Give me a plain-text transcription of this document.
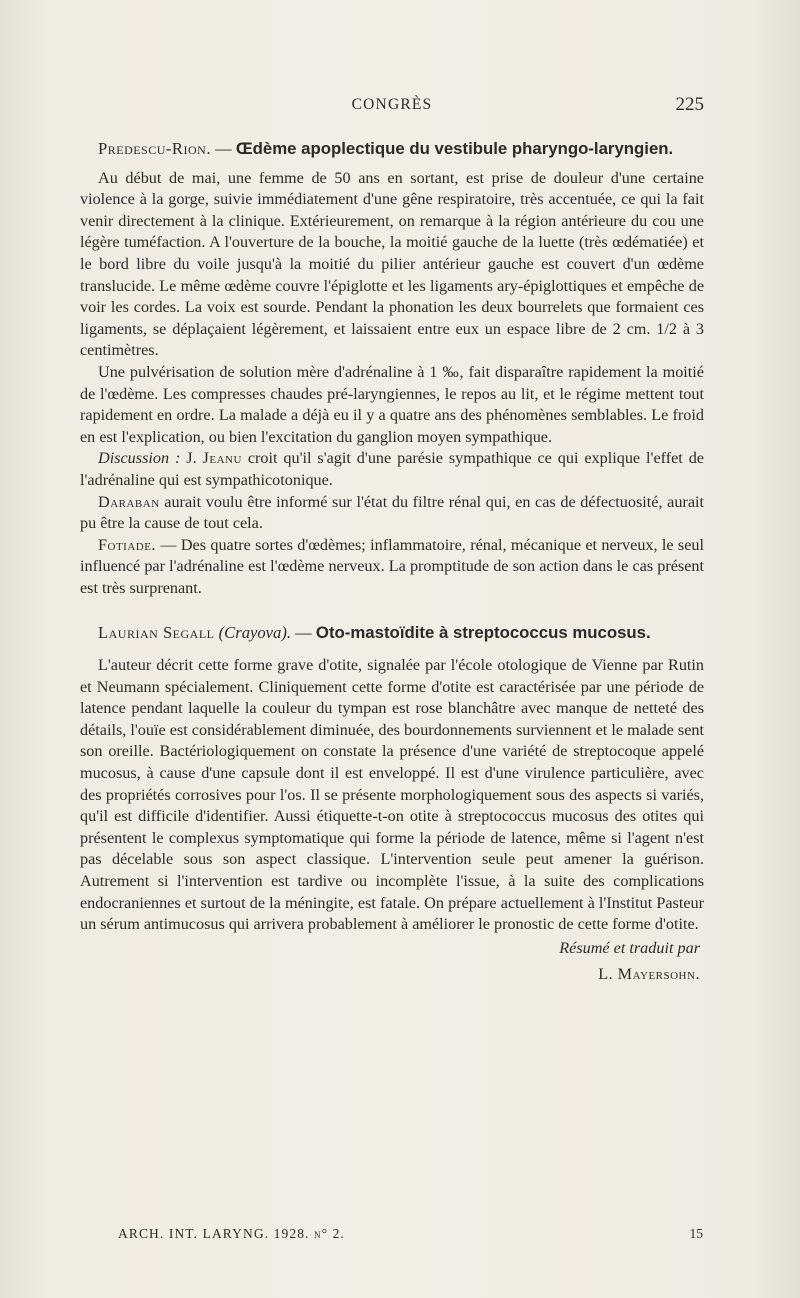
CONGRÈS	225

Predescu-Rion. — Œdème apoplectique du vestibule pharyngo-laryngien.

Au début de mai, une femme de 50 ans en sortant, est prise de douleur d'une certaine violence à la gorge, suivie immédiatement d'une gêne respiratoire, très accentuée, ce qui la fait venir directement à la clinique. Extérieurement, on remarque à la région antérieure du cou une légère tuméfaction. A l'ouverture de la bouche, la moitié gauche de la luette (très œdématiée) et le bord libre du voile jusqu'à la moitié du pilier antérieur gauche est couvert d'un œdème translucide. Le même œdème couvre l'épiglotte et les ligaments ary-épiglottiques et empêche de voir les cordes. La voix est sourde. Pendant la phonation les deux bourrelets que formaient ces ligaments, se déplaçaient légèrement, et laissaient entre eux un espace libre de 2 cm. 1/2 à 3 centimètres.

Une pulvérisation de solution mère d'adrénaline à 1 ‰, fait disparaître rapidement la moitié de l'œdème. Les compresses chaudes pré-laryngiennes, le repos au lit, et le régime mettent tout rapidement en ordre. La malade a déjà eu il y a quatre ans des phénomènes semblables. Le froid en est l'explication, ou bien l'excitation du ganglion moyen sympathique.

Discussion : J. Jeanu croit qu'il s'agit d'une parésie sympathique ce qui explique l'effet de l'adrénaline qui est sympathicotonique.

Daraban aurait voulu être informé sur l'état du filtre rénal qui, en cas de défectuosité, aurait pu être la cause de tout cela.

Fotiade. — Des quatre sortes d'œdèmes; inflammatoire, rénal, mécanique et nerveux, le seul influencé par l'adrénaline est l'œdème nerveux. La promptitude de son action dans le cas présent est très surprenant.

Laurian Segall (Crayova). — Oto-mastoïdite à streptococcus mucosus.

L'auteur décrit cette forme grave d'otite, signalée par l'école otologique de Vienne par Rutin et Neumann spécialement. Cliniquement cette forme d'otite est caractérisée par une période de latence pendant laquelle la couleur du tympan est rose blanchâtre avec manque de netteté des détails, l'ouïe est considérablement diminuée, des bourdonnements surviennent et le malade sent son oreille. Bactériologiquement on constate la présence d'une variété de streptocoque appelé mucosus, à cause d'une capsule dont il est enveloppé. Il est d'une virulence particulière, avec des propriétés corrosives pour l'os. Il se présente morphologiquement sous des aspects si variés, qu'il est difficile d'identifier. Aussi étiquette-t-on otite à streptococcus mucosus des otites qui présentent le complexus symptomatique qui forme la période de latence, même si l'agent n'est pas décelable sous son aspect classique. L'intervention seule peut amener la guérison. Autrement si l'intervention est tardive ou incomplète l'issue, à la suite des complications endocraniennes et surtout de la méningite, est fatale. On prépare actuellement à l'Institut Pasteur un sérum antimucosus qui arrivera probablement à améliorer le pronostic de cette forme d'otite.

Résumé et traduit par

L. Mayersohn.

ARCH. INT. LARYNG. 1928. n° 2.	15
